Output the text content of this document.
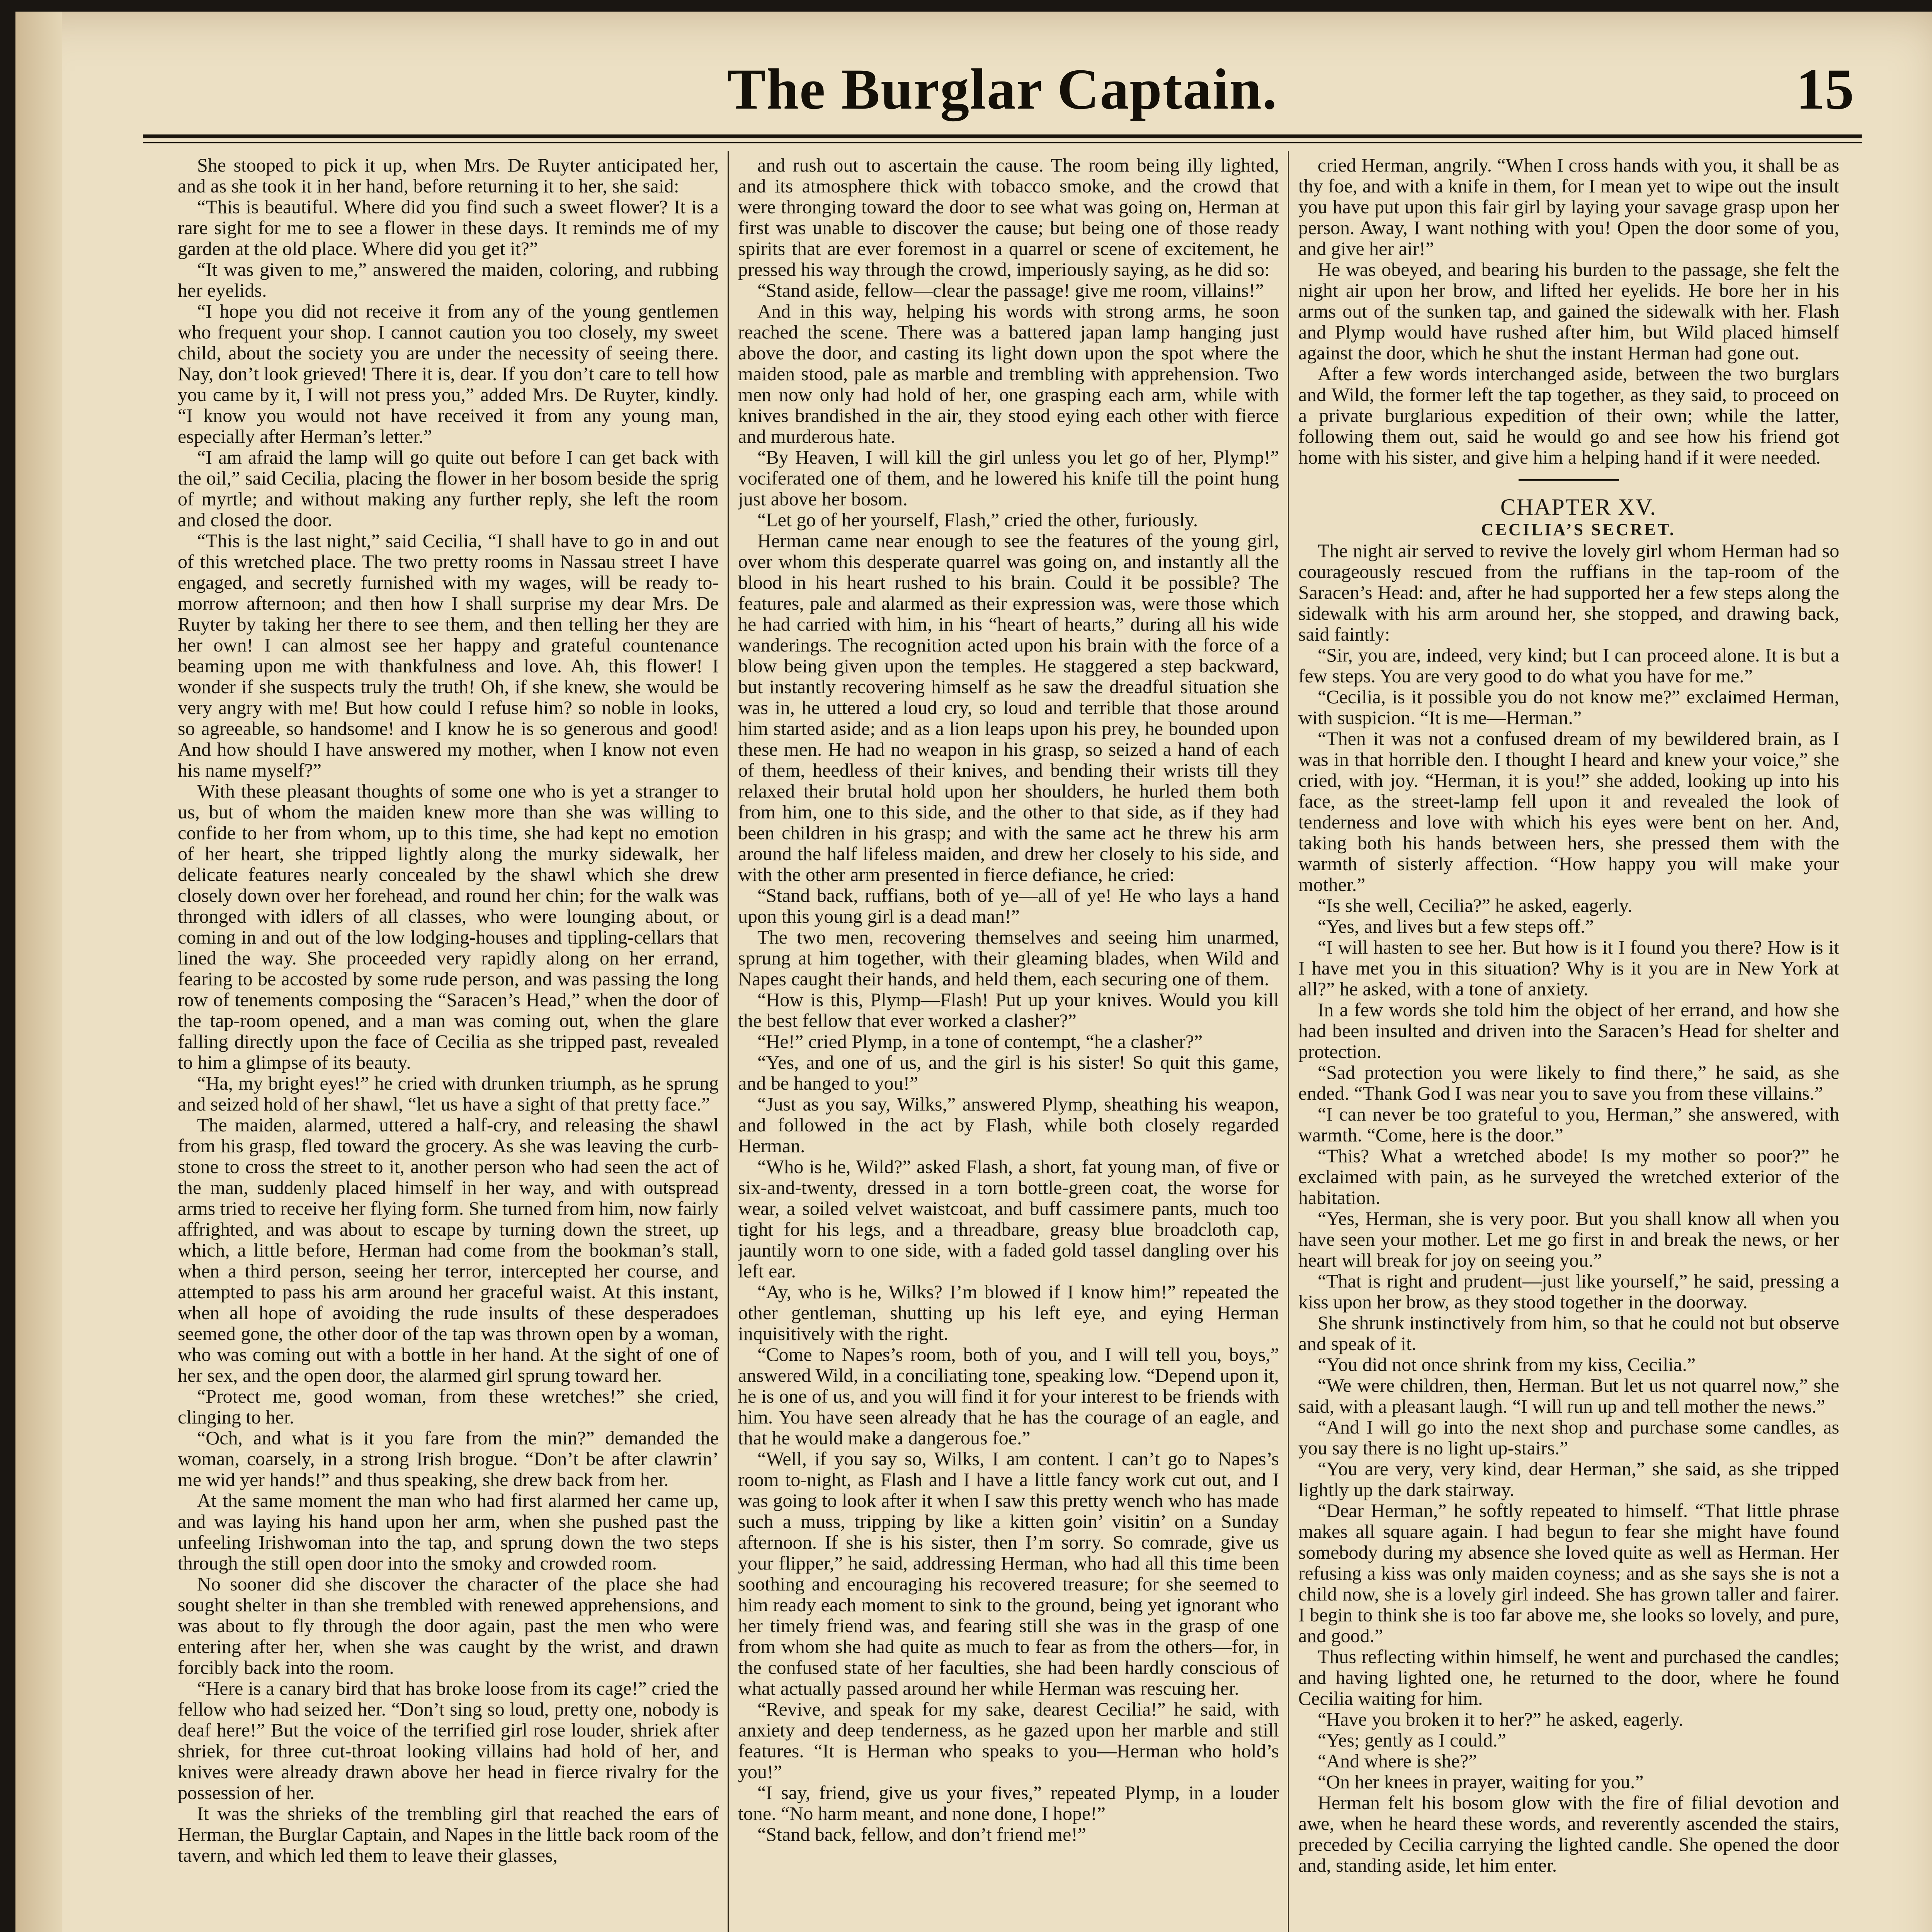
The Burglar Captain.	15

She stooped to pick it up, when Mrs. De Ruyter anticipated her, and as she took it in her hand, before returning it to her, she said:

“This is beautiful. Where did you find such a sweet flower? It is a rare sight for me to see a flower in these days. It reminds me of my garden at the old place. Where did you get it?”

“It was given to me,” answered the maiden, coloring, and rubbing her eyelids.

“I hope you did not receive it from any of the young gentlemen who frequent your shop. I cannot caution you too closely, my sweet child, about the society you are under the necessity of seeing there. Nay, don’t look grieved! There it is, dear. If you don’t care to tell how you came by it, I will not press you,” added Mrs. De Ruyter, kindly. “I know you would not have received it from any young man, especially after Herman’s letter.”

“I am afraid the lamp will go quite out before I can get back with the oil,” said Cecilia, placing the flower in her bosom beside the sprig of myrtle; and without making any further reply, she left the room and closed the door.

“This is the last night,” said Cecilia, “I shall have to go in and out of this wretched place. The two pretty rooms in Nassau street I have engaged, and secretly furnished with my wages, will be ready to-morrow afternoon; and then how I shall surprise my dear Mrs. De Ruyter by taking her there to see them, and then telling her they are her own! I can almost see her happy and grateful countenance beaming upon me with thankfulness and love. Ah, this flower! I wonder if she suspects truly the truth! Oh, if she knew, she would be very angry with me! But how could I refuse him? so noble in looks, so agreeable, so handsome! and I know he is so generous and good! And how should I have answered my mother, when I know not even his name myself?”

With these pleasant thoughts of some one who is yet a stranger to us, but of whom the maiden knew more than she was willing to confide to her from whom, up to this time, she had kept no emotion of her heart, she tripped lightly along the murky sidewalk, her delicate features nearly concealed by the shawl which she drew closely down over her forehead, and round her chin; for the walk was thronged with idlers of all classes, who were lounging about, or coming in and out of the low lodging-houses and tippling-cellars that lined the way. She proceeded very rapidly along on her errand, fearing to be accosted by some rude person, and was passing the long row of tenements composing the “Saracen’s Head,” when the door of the tap-room opened, and a man was coming out, when the glare falling directly upon the face of Cecilia as she tripped past, revealed to him a glimpse of its beauty.

“Ha, my bright eyes!” he cried with drunken triumph, as he sprung and seized hold of her shawl, “let us have a sight of that pretty face.”

The maiden, alarmed, uttered a half-cry, and releasing the shawl from his grasp, fled toward the grocery. As she was leaving the curb-stone to cross the street to it, another person who had seen the act of the man, suddenly placed himself in her way, and with outspread arms tried to receive her flying form. She turned from him, now fairly affrighted, and was about to escape by turning down the street, up which, a little before, Herman had come from the bookman’s stall, when a third person, seeing her terror, intercepted her course, and attempted to pass his arm around her graceful waist. At this instant, when all hope of avoiding the rude insults of these desperadoes seemed gone, the other door of the tap was thrown open by a woman, who was coming out with a bottle in her hand. At the sight of one of her sex, and the open door, the alarmed girl sprung toward her.

“Protect me, good woman, from these wretches!” she cried, clinging to her.

“Och, and what is it you fare from the min?” demanded the woman, coarsely, in a strong Irish brogue. “Don’t be after clawrin’ me wid yer hands!” and thus speaking, she drew back from her.

At the same moment the man who had first alarmed her came up, and was laying his hand upon her arm, when she pushed past the unfeeling Irishwoman into the tap, and sprung down the two steps through the still open door into the smoky and crowded room.

No sooner did she discover the character of the place she had sought shelter in than she trembled with renewed apprehensions, and was about to fly through the door again, past the men who were entering after her, when she was caught by the wrist, and drawn forcibly back into the room.

“Here is a canary bird that has broke loose from its cage!” cried the fellow who had seized her. “Don’t sing so loud, pretty one, nobody is deaf here!” But the voice of the terrified girl rose louder, shriek after shriek, for three cut-throat looking villains had hold of her, and knives were already drawn above her head in fierce rivalry for the possession of her.

It was the shrieks of the trembling girl that reached the ears of Herman, the Burglar Captain, and Napes in the little back room of the tavern, and which led them to leave their glasses,

and rush out to ascertain the cause. The room being illy lighted, and its atmosphere thick with tobacco smoke, and the crowd that were thronging toward the door to see what was going on, Herman at first was unable to discover the cause; but being one of those ready spirits that are ever foremost in a quarrel or scene of excitement, he pressed his way through the crowd, imperiously saying, as he did so:

“Stand aside, fellow—clear the passage! give me room, villains!”

And in this way, helping his words with strong arms, he soon reached the scene. There was a battered japan lamp hanging just above the door, and casting its light down upon the spot where the maiden stood, pale as marble and trembling with apprehension. Two men now only had hold of her, one grasping each arm, while with knives brandished in the air, they stood eying each other with fierce and murderous hate.

“By Heaven, I will kill the girl unless you let go of her, Plymp!” vociferated one of them, and he lowered his knife till the point hung just above her bosom.

“Let go of her yourself, Flash,” cried the other, furiously.

Herman came near enough to see the features of the young girl, over whom this desperate quarrel was going on, and instantly all the blood in his heart rushed to his brain. Could it be possible? The features, pale and alarmed as their expression was, were those which he had carried with him, in his “heart of hearts,” during all his wide wanderings. The recognition acted upon his brain with the force of a blow being given upon the temples. He staggered a step backward, but instantly recovering himself as he saw the dreadful situation she was in, he uttered a loud cry, so loud and terrible that those around him started aside; and as a lion leaps upon his prey, he bounded upon these men. He had no weapon in his grasp, so seized a hand of each of them, heedless of their knives, and bending their wrists till they relaxed their brutal hold upon her shoulders, he hurled them both from him, one to this side, and the other to that side, as if they had been children in his grasp; and with the same act he threw his arm around the half lifeless maiden, and drew her closely to his side, and with the other arm presented in fierce defiance, he cried:

“Stand back, ruffians, both of ye—all of ye! He who lays a hand upon this young girl is a dead man!”

The two men, recovering themselves and seeing him unarmed, sprung at him together, with their gleaming blades, when Wild and Napes caught their hands, and held them, each securing one of them.

“How is this, Plymp—Flash! Put up your knives. Would you kill the best fellow that ever worked a clasher?”

“He!” cried Plymp, in a tone of contempt, “he a clasher?”

“Yes, and one of us, and the girl is his sister! So quit this game, and be hanged to you!”

“Just as you say, Wilks,” answered Plymp, sheathing his weapon, and followed in the act by Flash, while both closely regarded Herman.

“Who is he, Wild?” asked Flash, a short, fat young man, of five or six-and-twenty, dressed in a torn bottle-green coat, the worse for wear, a soiled velvet waistcoat, and buff cassimere pants, much too tight for his legs, and a threadbare, greasy blue broadcloth cap, jauntily worn to one side, with a faded gold tassel dangling over his left ear.

“Ay, who is he, Wilks? I’m blowed if I know him!” repeated the other gentleman, shutting up his left eye, and eying Herman inquisitively with the right.

“Come to Napes’s room, both of you, and I will tell you, boys,” answered Wild, in a conciliating tone, speaking low. “Depend upon it, he is one of us, and you will find it for your interest to be friends with him. You have seen already that he has the courage of an eagle, and that he would make a dangerous foe.”

“Well, if you say so, Wilks, I am content. I can’t go to Napes’s room to-night, as Flash and I have a little fancy work cut out, and I was going to look after it when I saw this pretty wench who has made such a muss, tripping by like a kitten goin’ visitin’ on a Sunday afternoon. If she is his sister, then I’m sorry. So comrade, give us your flipper,” he said, addressing Herman, who had all this time been soothing and encouraging his recovered treasure; for she seemed to him ready each moment to sink to the ground, being yet ignorant who her timely friend was, and fearing still she was in the grasp of one from whom she had quite as much to fear as from the others—for, in the confused state of her faculties, she had been hardly conscious of what actually passed around her while Herman was rescuing her.

“Revive, and speak for my sake, dearest Cecilia!” he said, with anxiety and deep tenderness, as he gazed upon her marble and still features. “It is Herman who speaks to you—Herman who hold’s you!”

“I say, friend, give us your fives,” repeated Plymp, in a louder tone. “No harm meant, and none done, I hope!”

“Stand back, fellow, and don’t friend me!”

cried Herman, angrily. “When I cross hands with you, it shall be as thy foe, and with a knife in them, for I mean yet to wipe out the insult you have put upon this fair girl by laying your savage grasp upon her person. Away, I want nothing with you! Open the door some of you, and give her air!”

He was obeyed, and bearing his burden to the passage, she felt the night air upon her brow, and lifted her eyelids. He bore her in his arms out of the sunken tap, and gained the sidewalk with her. Flash and Plymp would have rushed after him, but Wild placed himself against the door, which he shut the instant Herman had gone out.

After a few words interchanged aside, between the two burglars and Wild, the former left the tap together, as they said, to proceed on a private burglarious expedition of their own; while the latter, following them out, said he would go and see how his friend got home with his sister, and give him a helping hand if it were needed.

CHAPTER XV.

CECILIA’S SECRET.

The night air served to revive the lovely girl whom Herman had so courageously rescued from the ruffians in the tap-room of the Saracen’s Head: and, after he had supported her a few steps along the sidewalk with his arm around her, she stopped, and drawing back, said faintly:

“Sir, you are, indeed, very kind; but I can proceed alone. It is but a few steps. You are very good to do what you have for me.”

“Cecilia, is it possible you do not know me?” exclaimed Herman, with suspicion. “It is me—Herman.”

“Then it was not a confused dream of my bewildered brain, as I was in that horrible den. I thought I heard and knew your voice,” she cried, with joy. “Herman, it is you!” she added, looking up into his face, as the street-lamp fell upon it and revealed the look of tenderness and love with which his eyes were bent on her. And, taking both his hands between hers, she pressed them with the warmth of sisterly affection. “How happy you will make your mother.”

“Is she well, Cecilia?” he asked, eagerly.

“Yes, and lives but a few steps off.”

“I will hasten to see her. But how is it I found you there? How is it I have met you in this situation? Why is it you are in New York at all?” he asked, with a tone of anxiety.

In a few words she told him the object of her errand, and how she had been insulted and driven into the Saracen’s Head for shelter and protection.

“Sad protection you were likely to find there,” he said, as she ended. “Thank God I was near you to save you from these villains.”

“I can never be too grateful to you, Herman,” she answered, with warmth. “Come, here is the door.”

“This? What a wretched abode! Is my mother so poor?” he exclaimed with pain, as he surveyed the wretched exterior of the habitation.

“Yes, Herman, she is very poor. But you shall know all when you have seen your mother. Let me go first in and break the news, or her heart will break for joy on seeing you.”

“That is right and prudent—just like yourself,” he said, pressing a kiss upon her brow, as they stood together in the doorway.

She shrunk instinctively from him, so that he could not but observe and speak of it.

“You did not once shrink from my kiss, Cecilia.”

“We were children, then, Herman. But let us not quarrel now,” she said, with a pleasant laugh. “I will run up and tell mother the news.”

“And I will go into the next shop and purchase some candles, as you say there is no light up-stairs.”

“You are very, very kind, dear Herman,” she said, as she tripped lightly up the dark stairway.

“Dear Herman,” he softly repeated to himself. “That little phrase makes all square again. I had begun to fear she might have found somebody during my absence she loved quite as well as Herman. Her refusing a kiss was only maiden coyness; and as she says she is not a child now, she is a lovely girl indeed. She has grown taller and fairer. I begin to think she is too far above me, she looks so lovely, and pure, and good.”

Thus reflecting within himself, he went and purchased the candles; and having lighted one, he returned to the door, where he found Cecilia waiting for him.

“Have you broken it to her?” he asked, eagerly.

“Yes; gently as I could.”

“And where is she?”

“On her knees in prayer, waiting for you.”

Herman felt his bosom glow with the fire of filial devotion and awe, when he heard these words, and reverently ascended the stairs, preceded by Cecilia carrying the lighted candle. She opened the door and, standing aside, let him enter.
